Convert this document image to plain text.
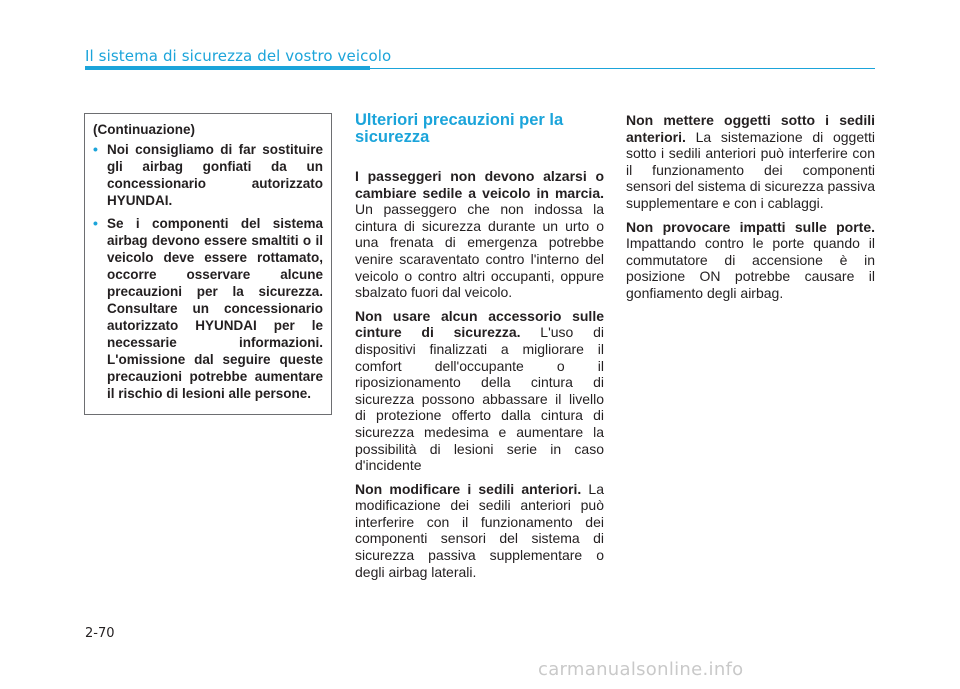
Il sistema di sicurezza del vostro veicolo

(Continuazione)

• Noi consigliamo di far sostituire gli airbag gonfiati da un concessionario autorizzato HYUNDAI.
• Se i componenti del sistema airbag devono essere smaltiti o il veicolo deve essere rottamato, occorre osservare alcune precauzioni per la sicurezza. Consultare un concessionario autorizzato HYUNDAI per le necessarie informazioni. L'omissione dal seguire queste precauzioni potrebbe aumentare il rischio di lesioni alle persone.
Ulteriori precauzioni per la sicurezza

I passeggeri non devono alzarsi o cambiare sedile a veicolo in marcia. Un passeggero che non indossa la cintura di sicurezza durante un urto o una frenata di emergenza potrebbe venire scaraventato contro l'interno del veicolo o contro altri occupanti, oppure sbalzato fuori dal veicolo.

Non usare alcun accessorio sulle cinture di sicurezza. L'uso di dispositivi finalizzati a migliorare il comfort dell'occupante o il riposizionamento della cintura di sicurezza possono abbassare il livello di protezione offerto dalla cintura di sicurezza medesima e aumentare la possibilità di lesioni serie in caso d'incidente

Non modificare i sedili anteriori. La modificazione dei sedili anteriori può interferire con il funzionamento dei componenti sensori del sistema di sicurezza passiva supplementare o degli airbag laterali.

Non mettere oggetti sotto i sedili anteriori. La sistemazione di oggetti sotto i sedili anteriori può interferire con il funzionamento dei componenti sensori del sistema di sicurezza passiva supplementare e con i cablaggi.

Non provocare impatti sulle porte. Impattando contro le porte quando il commutatore di accensione è in posizione ON potrebbe causare il gonfiamento degli airbag.

2-70
carmanualsonline.info
